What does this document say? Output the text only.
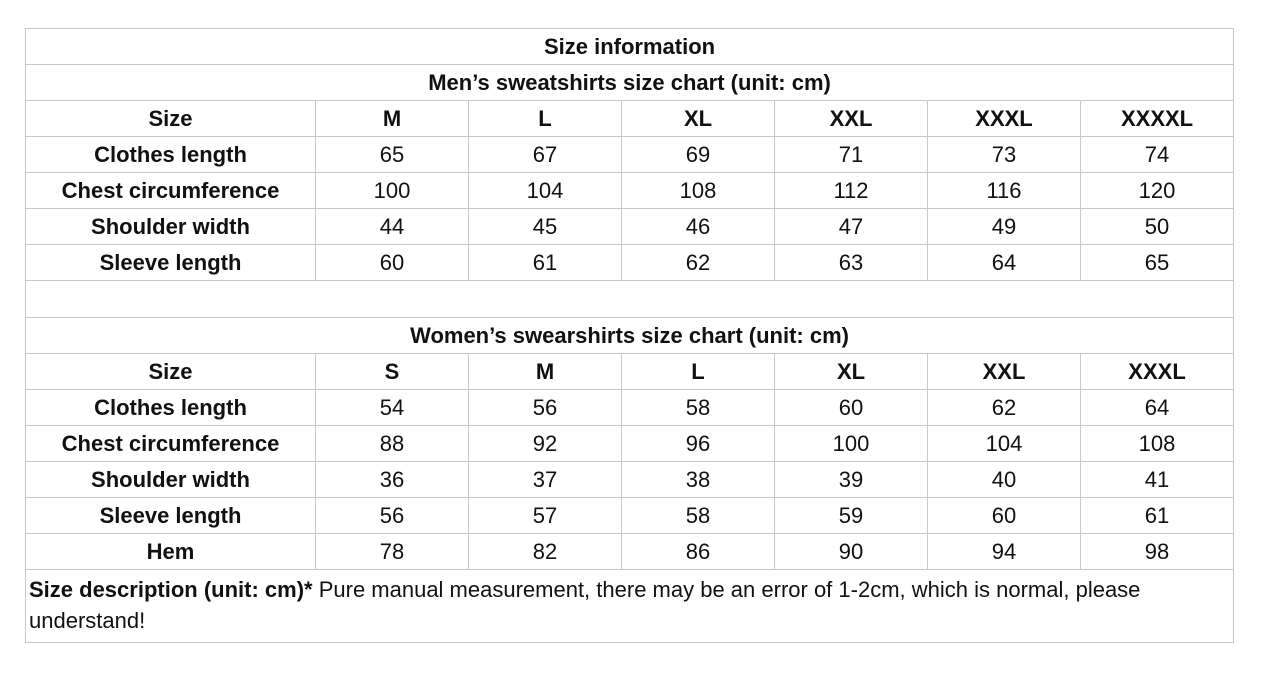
Size information						
Men’s sweatshirts size chart (unit: cm)						
Size	M	L	XL	XXL	XXXL	XXXXL
Clothes length	65	67	69	71	73	74
Chest circumference	100	104	108	112	116	120
Shoulder width	44	45	46	47	49	50
Sleeve length	60	61	62	63	64	65

Women’s swearshirts size chart (unit: cm)						
Size	S	M	L	XL	XXL	XXXL
Clothes length	54	56	58	60	62	64
Chest circumference	88	92	96	100	104	108
Shoulder width	36	37	38	39	40	41
Sleeve length	56	57	58	59	60	61
Hem	78	82	86	90	94	98
Size description (unit: cm)* Pure manual measurement, there may be an error of 1-2cm, which is normal, please understand!						
